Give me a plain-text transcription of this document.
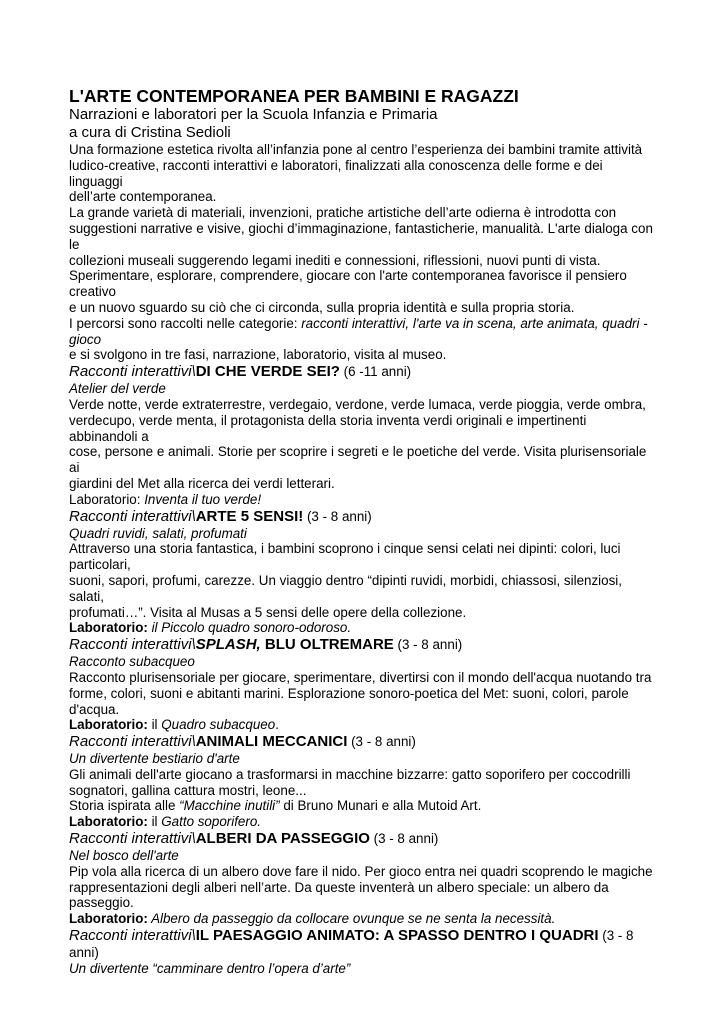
L'ARTE CONTEMPORANEA PER BAMBINI E RAGAZZI
Narrazioni e laboratori per la Scuola Infanzia e Primaria
a cura di Cristina Sedioli
Una formazione estetica rivolta all’infanzia pone al centro l’esperienza dei bambini tramite attività
ludico-creative, racconti interattivi e laboratori, finalizzati alla conoscenza delle forme e dei
linguaggi
dell’arte contemporanea.
La grande varietà di materiali, invenzioni, pratiche artistiche dell’arte odierna è introdotta con
suggestioni narrative e visive, giochi d’immaginazione, fantasticherie, manualità. L'arte dialoga con
le
collezioni museali suggerendo legami inediti e connessioni, riflessioni, nuovi punti di vista.
Sperimentare, esplorare, comprendere, giocare con l'arte contemporanea favorisce il pensiero
creativo
e un nuovo sguardo su ciò che ci circonda, sulla propria identità e sulla propria storia.
I percorsi sono raccolti nelle categorie: racconti interattivi, l'arte va in scena, arte animata, quadri -
gioco
e si svolgono in tre fasi, narrazione, laboratorio, visita al museo.
Racconti interattivi\DI CHE VERDE SEI? (6 -11 anni)
Atelier del verde
Verde notte, verde extraterrestre, verdegaio, verdone, verde lumaca, verde pioggia, verde ombra,
verdecupo, verde menta, il protagonista della storia inventa verdi originali e impertinenti
abbinandoli a
cose, persone e animali. Storie per scoprire i segreti e le poetiche del verde. Visita plurisensoriale
ai
giardini del Met alla ricerca dei verdi letterari.
Laboratorio: Inventa il tuo verde!
Racconti interattivi\ARTE 5 SENSI! (3 - 8 anni)
Quadri ruvidi, salati, profumati
Attraverso una storia fantastica, i bambini scoprono i cinque sensi celati nei dipinti: colori, luci
particolari,
suoni, sapori, profumi, carezze. Un viaggio dentro “dipinti ruvidi, morbidi, chiassosi, silenziosi,
salati,
profumati…”. Visita al Musas a 5 sensi delle opere della collezione.
Laboratorio: il Piccolo quadro sonoro-odoroso.
Racconti interattivi\SPLASH, BLU OLTREMARE (3 - 8 anni)
Racconto subacqueo
Racconto plurisensoriale per giocare, sperimentare, divertirsi con il mondo dell'acqua nuotando tra
forme, colori, suoni e abitanti marini. Esplorazione sonoro-poetica del Met: suoni, colori, parole
d'acqua.
Laboratorio: il Quadro subacqueo.
Racconti interattivi\ANIMALI MECCANICI (3 - 8 anni)
Un divertente bestiario d'arte
Gli animali dell'arte giocano a trasformarsi in macchine bizzarre: gatto soporifero per coccodrilli
sognatori, gallina cattura mostri, leone...
Storia ispirata alle “Macchine inutili” di Bruno Munari e alla Mutoid Art.
Laboratorio: il Gatto soporifero.
Racconti interattivi\ALBERI DA PASSEGGIO (3 - 8 anni)
Nel bosco dell'arte
Pip vola alla ricerca di un albero dove fare il nido. Per gioco entra nei quadri scoprendo le magiche
rappresentazioni degli alberi nell’arte. Da queste inventerà un albero speciale: un albero da
passeggio.
Laboratorio: Albero da passeggio da collocare ovunque se ne senta la necessità.
Racconti interattivi\IL PAESAGGIO ANIMATO: A SPASSO DENTRO I QUADRI (3 - 8
anni)
Un divertente “camminare dentro l’opera d’arte”
